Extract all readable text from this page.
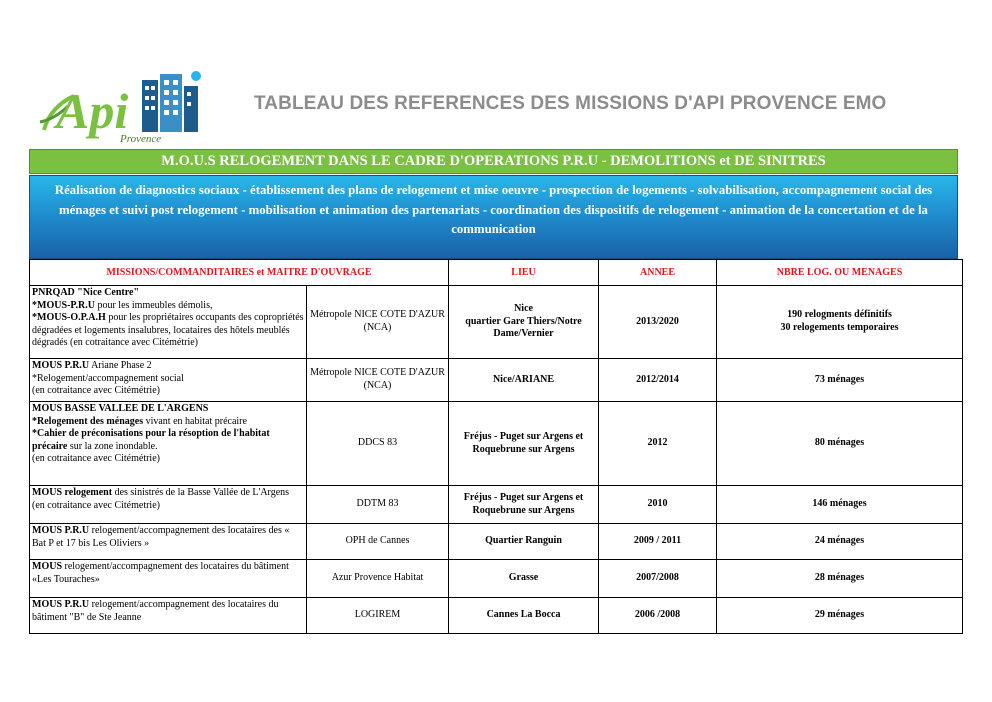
Api
Provence
TABLEAU DES REFERENCES DES MISSIONS D'API PROVENCE EMO
M.O.U.S RELOGEMENT DANS LE CADRE D'OPERATIONS P.R.U - DEMOLITIONS et DE SINITRES
Réalisation de diagnostics sociaux - établissement des plans de relogement et mise oeuvre - prospection de logements - solvabilisation, accompagnement social des ménages et suivi post relogement - mobilisation et animation des partenariats - coordination des dispositifs de relogement - animation de la concertation et de la communication
MISSIONS/COMMANDITAIRES et MAITRE D'OUVRAGE		LIEU	ANNEE	NBRE LOG. OU MENAGES
PNRQAD "Nice Centre"
*MOUS-P.R.U pour les immeubles démolis,
*MOUS-O.P.A.H pour les propriétaires occupants des copropriétés dégradées et logements insalubres, locataires des hôtels meublés dégradés (en cotraitance avec Citémétrie)	Métropole NICE COTE D'AZUR (NCA)	Nice
quartier Gare Thiers/Notre Dame/Vernier	2013/2020	190 relogments définitifs
30 relogements temporaires
MOUS P.R.U Ariane Phase 2
*Relogement/accompagnement social
(en cotraitance avec Citémétrie)	Métropole NICE COTE D'AZUR (NCA)	Nice/ARIANE	2012/2014	73 ménages
MOUS BASSE VALLEE DE L'ARGENS
*Relogement des ménages vivant en habitat précaire
*Cahier de préconisations pour la résoption de l'habitat précaire sur la zone inondable.
(en cotraitance avec Citémétrie)	DDCS 83	Fréjus - Puget sur Argens et Roquebrune sur Argens	2012	80 ménages
MOUS relogement des sinistrés de la Basse Vallée de L'Argens (en cotraitance avec Citémetrie)	DDTM 83	Fréjus - Puget sur Argens et Roquebrune sur Argens	2010	146 ménages
MOUS P.R.U relogement/accompagnement des locataires des « Bat P et 17 bis Les Oliviers »	OPH de Cannes	Quartier Ranguin	2009 / 2011	24 ménages
MOUS relogement/accompagnement des locataires du bâtiment «Les Touraches»	Azur Provence Habitat	Grasse	2007/2008	28 ménages
MOUS P.R.U relogement/accompagnement des locataires du bâtiment "B" de Ste Jeanne	LOGIREM	Cannes La Bocca	2006 /2008	29 ménages
